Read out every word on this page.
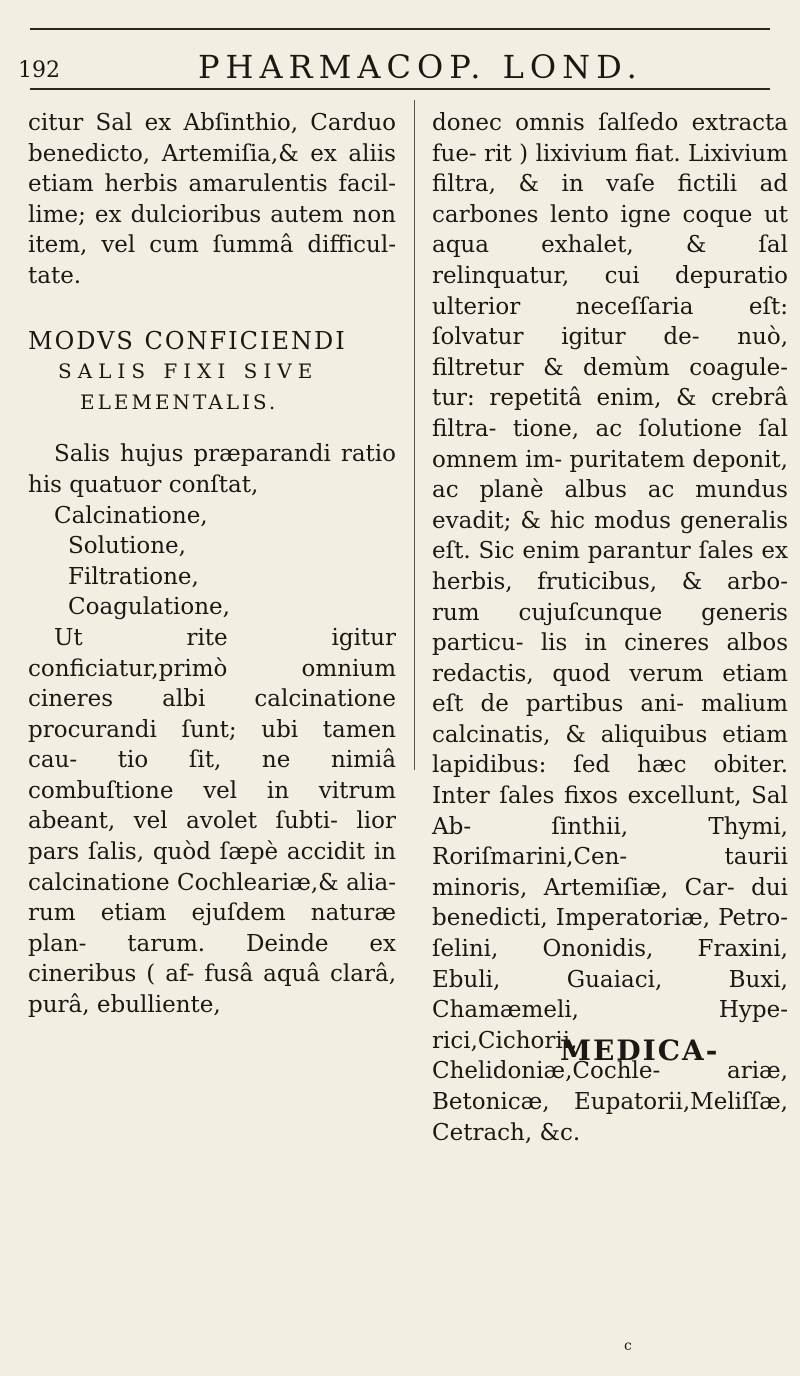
192	PHARMACOP. LOND.

citur Sal ex Abſinthio, Carduo benedicto, Artemiſia,& ex aliis etiam herbis amarulentis facil- lime; ex dulcioribus autem non item, vel cum ſummâ difficul- tate.

MODVS CONFICIENDI
SALIS FIXI SIVE
ELEMENTALIS.

Salis hujus præparandi ratio his quatuor conſtat,

Calcinatione,
Solutione,
Filtratione,
Coagulatione,

Ut rite igitur conficiatur,primò omnium cineres albi calcinatione procurandi ſunt; ubi tamen cau- tio ſit, ne nimiâ combuſtione vel in vitrum abeant, vel avolet ſubti- lior pars ſalis, quòd ſæpè accidit in calcinatione Cochleariæ,& alia- rum etiam ejuſdem naturæ plan- tarum. Deinde ex cineribus ( af- fusâ aquâ clarâ, purâ, ebulliente,

donec omnis ſalſedo extracta fue- rit ) lixivium fiat. Lixivium filtra, & in vaſe fictili ad carbones lento igne coque ut aqua exhalet, & ſal relinquatur, cui depuratio ulterior neceſſaria eſt: ſolvatur igitur de- nuò, filtretur & demùm coagule- tur: repetitâ enim, & crebrâ filtra- tione, ac ſolutione ſal omnem im- puritatem deponit, ac planè albus ac mundus evadit; & hic modus generalis eſt. Sic enim parantur ſales ex herbis, fruticibus, & arbo- rum cujuſcunque generis particu- lis in cineres albos redactis, quod verum etiam eſt de partibus ani- malium calcinatis, & aliquibus etiam lapidibus: ſed hæc obiter. Inter ſales fixos excellunt, Sal Ab- ſinthii, Thymi, Roriſmarini,Cen- taurii minoris, Artemiſiæ, Car- dui benedicti, Imperatoriæ, Petro- ſelini, Ononidis, Fraxini, Ebuli, Guaiaci, Buxi, Chamæmeli, Hype- rici,Cichorii, Chelidoniæ,Cochle- ariæ, Betonicæ, Eupatorii,Meliſſæ, Cetrach, &c.

MEDICA-
c
